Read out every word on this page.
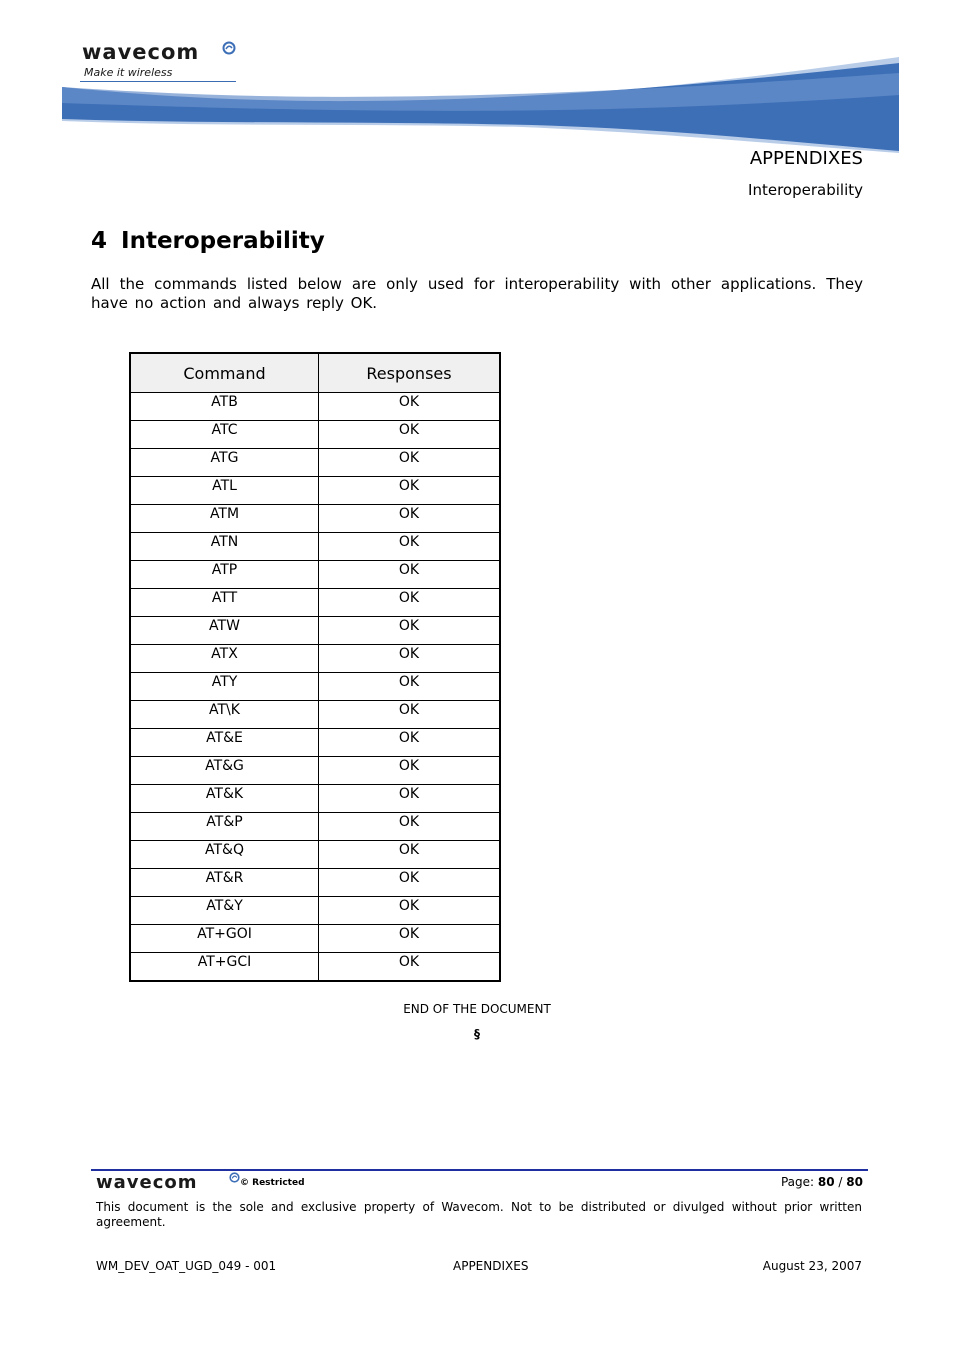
wavecom
Make it wireless
APPENDIXES
Interoperability
4 Interoperability

All the commands listed below are only used for interoperability with other applications. They have no action and always reply OK.

Command	Responses
ATB	OK
ATC	OK
ATG	OK
ATL	OK
ATM	OK
ATN	OK
ATP	OK
ATT	OK
ATW	OK
ATX	OK
ATY	OK
AT\K	OK
AT&E	OK
AT&G	OK
AT&K	OK
AT&P	OK
AT&Q	OK
AT&R	OK
AT&Y	OK
AT+GOI	OK
AT+GCI	OK
END OF THE DOCUMENT
§
wavecom	© Restricted	Page: 80 / 80

This document is the sole and exclusive property of Wavecom. Not to be distributed or divulged without prior written agreement.

WM_DEV_OAT_UGD_049 - 001	APPENDIXES	August 23, 2007
